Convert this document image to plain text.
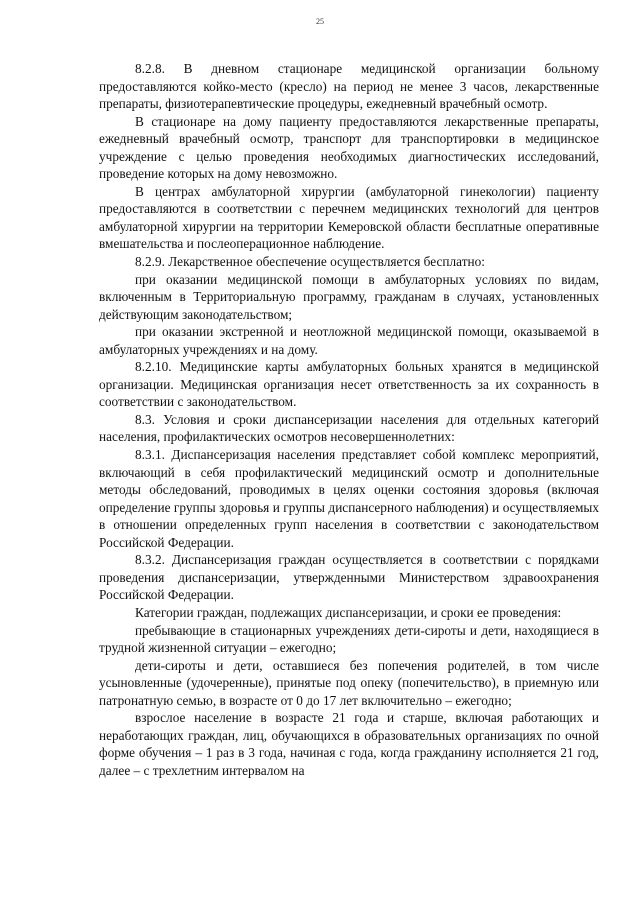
25

8.2.8. В дневном стационаре медицинской организации больному предоставляются койко-место (кресло) на период не менее 3 часов, лекарственные препараты, физиотерапевтические процедуры, ежедневный врачебный осмотр.

В стационаре на дому пациенту предоставляются лекарственные препараты, ежедневный врачебный осмотр, транспорт для транспортировки в медицинское учреждение с целью проведения необходимых диагностических исследований, проведение которых на дому невозможно.

В центрах амбулаторной хирургии (амбулаторной гинекологии) пациенту предоставляются в соответствии с перечнем медицинских технологий для центров амбулаторной хирургии на территории Кемеровской области бесплатные оперативные вмешательства и послеоперационное наблюдение.

8.2.9. Лекарственное обеспечение осуществляется бесплатно:

при оказании медицинской помощи в амбулаторных условиях по видам, включенным в Территориальную программу, гражданам в случаях, установленных действующим законодательством;

при оказании экстренной и неотложной медицинской помощи, оказываемой в амбулаторных учреждениях и на дому.

8.2.10. Медицинские карты амбулаторных больных хранятся в медицинской организации. Медицинская организация несет ответственность за их сохранность в соответствии с законодательством.

8.3. Условия и сроки диспансеризации населения для отдельных категорий населения, профилактических осмотров несовершеннолетних:

8.3.1. Диспансеризация населения представляет собой комплекс мероприятий, включающий в себя профилактический медицинский осмотр и дополнительные методы обследований, проводимых в целях оценки состояния здоровья (включая определение группы здоровья и группы диспансерного наблюдения) и осуществляемых в отношении определенных групп населения в соответствии с законодательством Российской Федерации.

8.3.2. Диспансеризация граждан осуществляется в соответствии с порядками проведения диспансеризации, утвержденными Министерством здравоохранения Российской Федерации.

Категории граждан, подлежащих диспансеризации, и сроки ее проведения:

пребывающие в стационарных учреждениях дети-сироты и дети, находящиеся в трудной жизненной ситуации – ежегодно;

дети-сироты и дети, оставшиеся без попечения родителей, в том числе усыновленные (удочеренные), принятые под опеку (попечительство), в приемную или патронатную семью, в возрасте от 0 до 17 лет включительно – ежегодно;

взрослое население в возрасте 21 года и старше, включая работающих и неработающих граждан, лиц, обучающихся в образовательных организациях по очной форме обучения – 1 раз в 3 года, начиная с года, когда гражданину исполняется 21 год, далее – с трехлетним интервалом на
